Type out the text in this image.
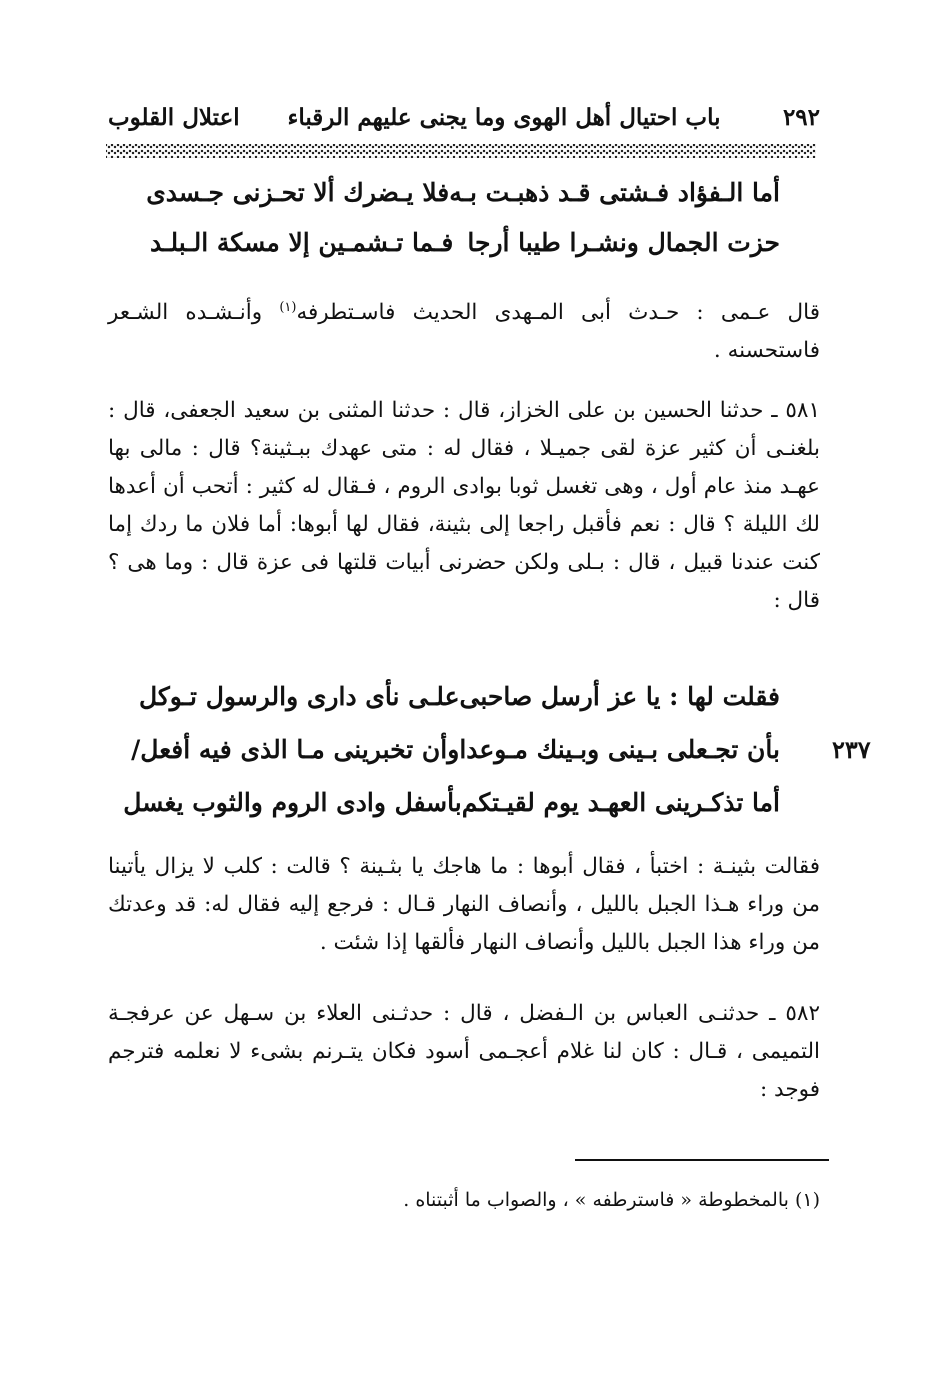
٢٩٢
باب احتيال أهل الهوى وما يجنى عليهم الرقباء
اعتلال القلوب
أما الـفؤاد فـشتى قـد ذهبـت بـه
فلا يـضرك ألا تحـزنى جـسدى
حزت الجمال ونشـرا طيبا أرجا
فـما تـشمـين إلا مسكة الـبلـد
قال عـمى : حـدث أبى المـهدى الحديث فاسـتطرفه$^{(١)}$ وأنـشـده الشـعر فاستحسنه .
٥٨١ ـ حدثنا الحسين بن على الخزاز، قال : حدثنا المثنى بن سعيد الجعفى، قال : بلغنـى أن كثير عزة لقى جميـلا ، فقال له : متى عهدك ببـثينة؟ قال : مالى بها عهـد منذ عام أول ، وهى تغسل ثوبا بوادى الروم ، فـقال له كثير : أتحب أن أعدها لك الليلة ؟ قال : نعم فأقبل راجعا إلى بثينة، فقال لها أبوها: أما فلان ما ردك إما كنت عندنا قبيل ، قال : بـلى ولكن حضرنى أبيات قلتها فى عزة قال : وما هى ؟ قال :
فقلت لها : يا عز أرسل صاحبى
علـى نأى دارى والرسول تـوكل
٢٣٧
بأن تجـعلى بـينى وبـينك مـوعدا
وأن تخبرينى مـا الذى فيه أفعل/
أما تذكـرينى العهـد يوم لقيـتكم
بأسفل وادى الروم والثوب يغسل
فقالت بثينـة : اختبأ ، فقال أبوها : ما هاجك يا بثـينة ؟ قالت : كلب لا يزال يأتينا من وراء هـذا الجبل بالليل ، وأنصاف النهار قـال : فرجع إليه فقال له: قد وعدتك من وراء هذا الجبل بالليل وأنصاف النهار فألقها إذا شئت .
٥٨٢ ـ حدثنـى العباس بن الـفضل ، قال : حدثـنى العلاء بن سـهل عن عرفجـة التميمى ، قـال : كان لنا غلام أعجـمى أسود فكان يتـرنم بشىء لا نعلمه فترجم فوجد :
(١) بالمخطوطة « فاسترطفه » ، والصواب ما أثبتناه .
